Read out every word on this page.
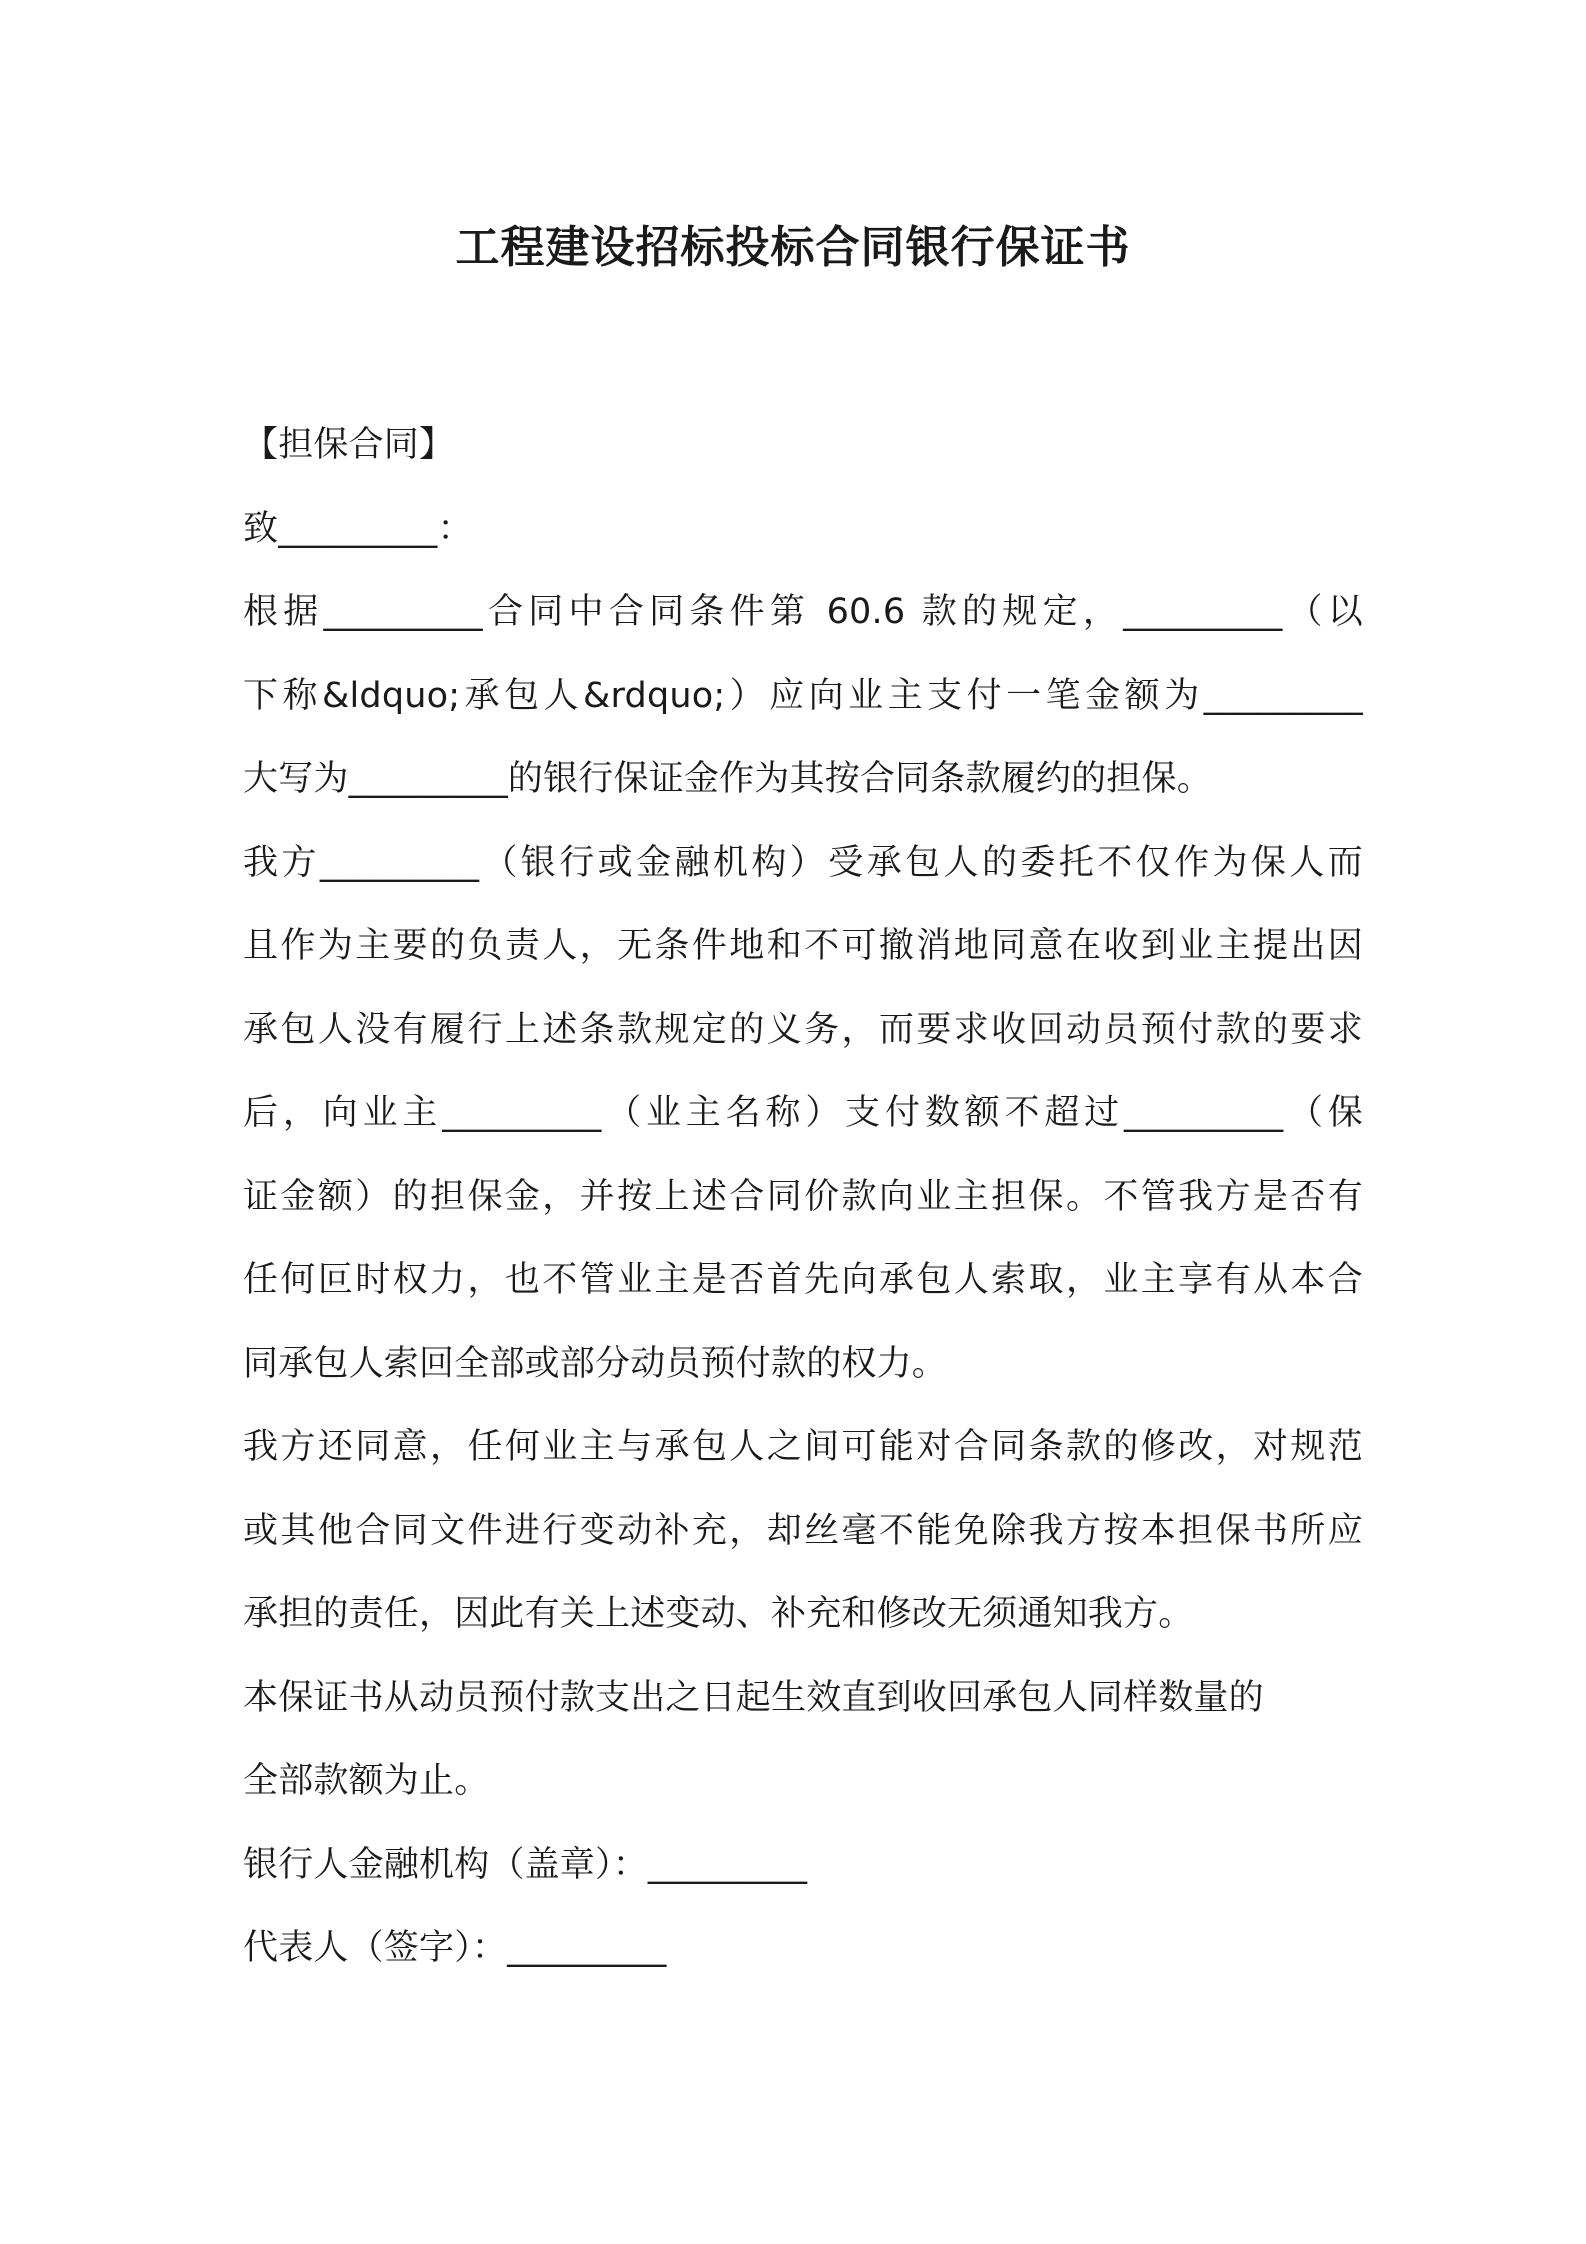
工程建设招标投标合同银行保证书
【担保合同】
致_________：
根据_________合同中合同条件第 60.6 款的规定，_________（以
下称&ldquo;承包人&rdquo;）应向业主支付一笔金额为_________
大写为_________的银行保证金作为其按合同条款履约的担保。
我方_________（银行或金融机构）受承包人的委托不仅作为保人而
且作为主要的负责人，无条件地和不可撤消地同意在收到业主提出因
承包人没有履行上述条款规定的义务，而要求收回动员预付款的要求
后，向业主_________（业主名称）支付数额不超过_________（保
证金额）的担保金，并按上述合同价款向业主担保。不管我方是否有
任何叵时权力，也不管业主是否首先向承包人索取，业主享有从本合
同承包人索回全部或部分动员预付款的权力。
我方还同意，任何业主与承包人之间可能对合同条款的修改，对规范
或其他合同文件进行变动补充，却丝毫不能免除我方按本担保书所应
承担的责任，因此有关上述变动、补充和修改无须通知我方。
本保证书从动员预付款支出之日起生效直到收回承包人同样数量的
全部款额为止。
银行人金融机构（盖章）：_________
代表人（签字）：_________
